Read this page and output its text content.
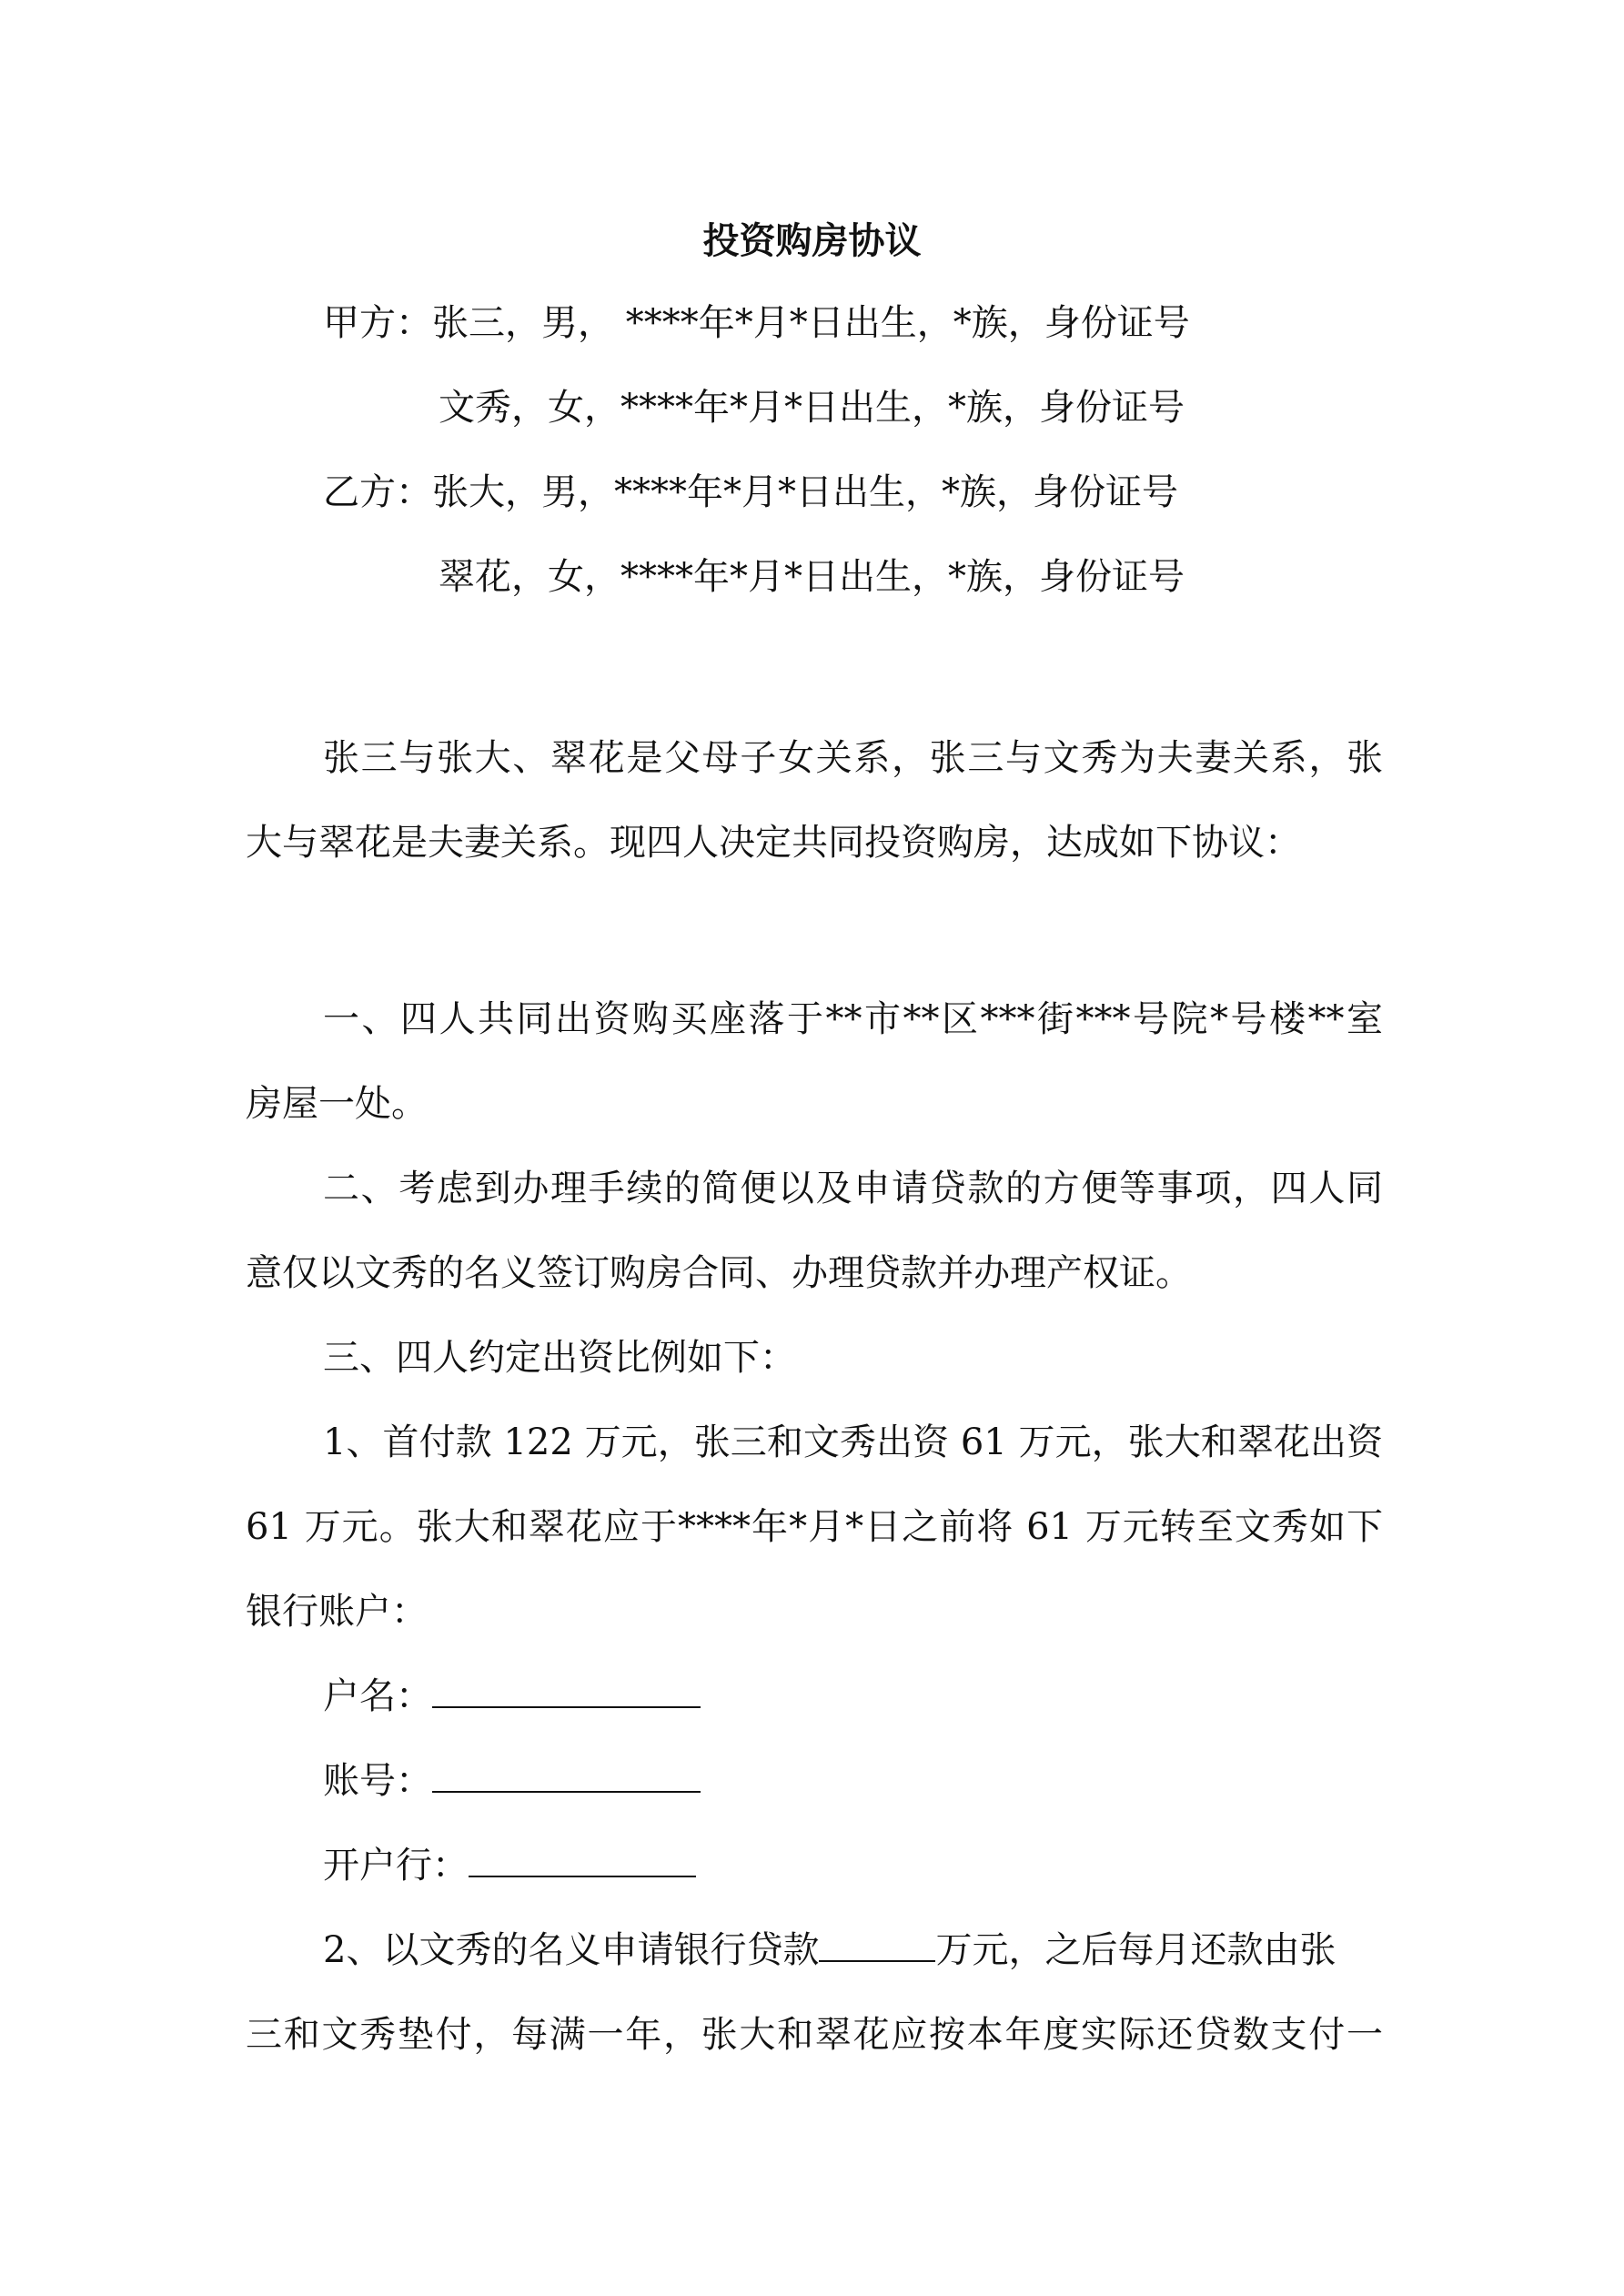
投资购房协议
甲方：张三，男， ****年*月*日出生，*族，身份证号
文秀，女，****年*月*日出生，*族，身份证号
乙方：张大，男，****年*月*日出生，*族，身份证号
翠花，女，****年*月*日出生，*族，身份证号
张三与张大、翠花是父母子女关系，张三与文秀为夫妻关系，张
大与翠花是夫妻关系。现四人决定共同投资购房，达成如下协议：
一、四人共同出资购买座落于**市**区***街***号院*号楼**室
房屋一处。
二、考虑到办理手续的简便以及申请贷款的方便等事项，四人同
意仅以文秀的名义签订购房合同、办理贷款并办理产权证。
三、四人约定出资比例如下：
1、首付款 122 万元，张三和文秀出资 61 万元，张大和翠花出资
61 万元。张大和翠花应于****年*月*日之前将 61 万元转至文秀如下
银行账户：
户名：
账号：
开户行：
2、以文秀的名义申请银行贷款	万元，之后每月还款由张
三和文秀垫付，每满一年，张大和翠花应按本年度实际还贷数支付一
